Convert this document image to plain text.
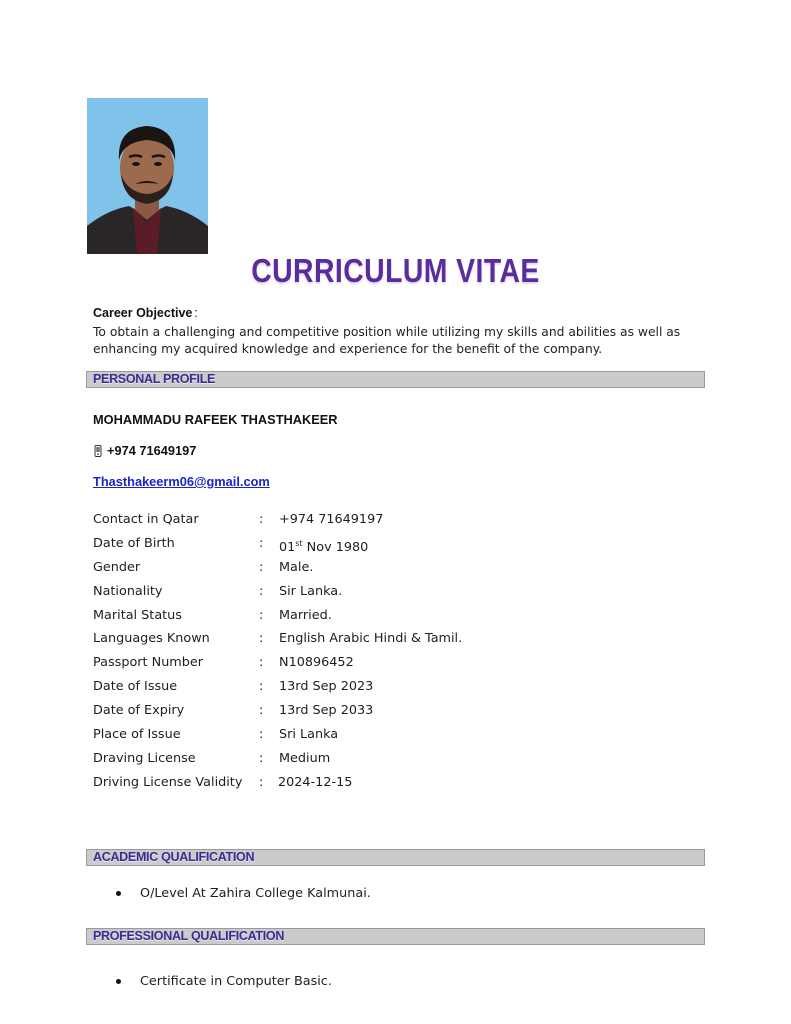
CURRICULUM VITAE
Career Objective :
To obtain a challenging and competitive position while utilizing my skills and abilities as well as enhancing my acquired knowledge and experience for the benefit of the company.
PERSONAL PROFILE
MOHAMMADU RAFEEK THASTHAKEER
+974 71649197
Thasthakeerm06@gmail.com
Contact in Qatar	: +974 71649197
Date of Birth	: 01st Nov 1980
Gender	: Male.
Nationality	: Sir Lanka.
Marital Status	: Married.
Languages Known	: English Arabic Hindi & Tamil.
Passport Number	: N10896452
Date of Issue	: 13rd Sep 2023
Date of Expiry	: 13rd Sep 2033
Place of Issue	: Sri Lanka
Draving License	: Medium
Driving License Validity : 2024-12-15
ACADEMIC QUALIFICATION
O/Level At Zahira College Kalmunai.
PROFESSIONAL QUALIFICATION
Certificate in Computer Basic.
